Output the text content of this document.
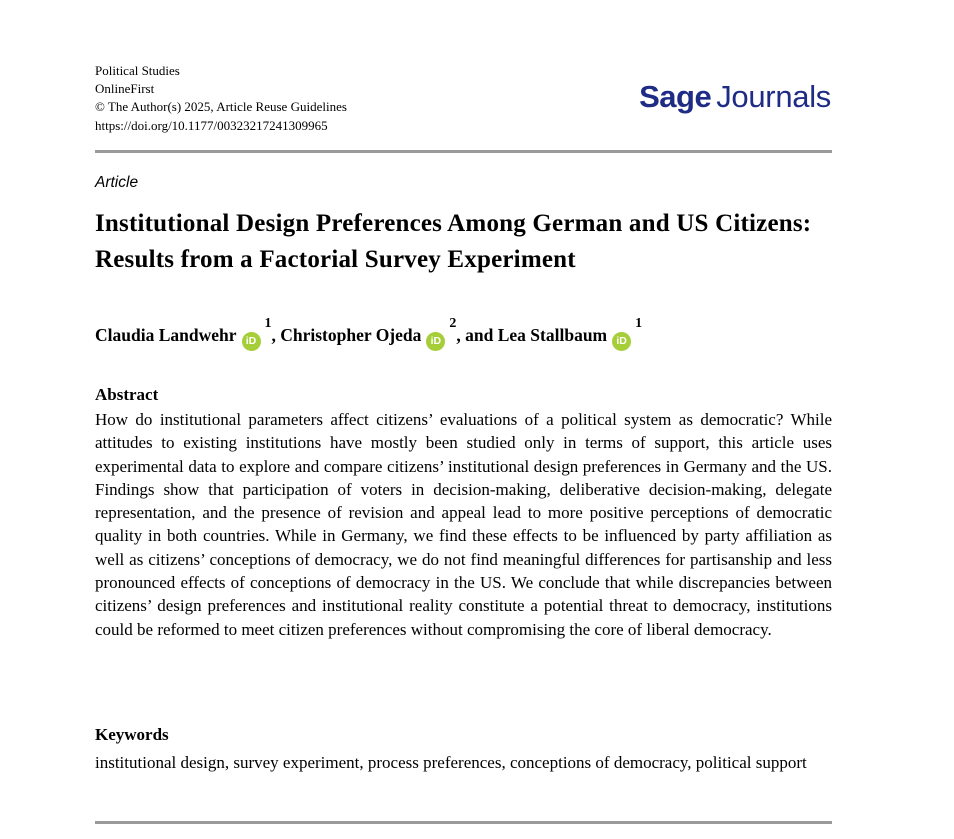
Political Studies
OnlineFirst
© The Author(s) 2025, Article Reuse Guidelines
https://doi.org/10.1177/00323217241309965
Sage Journals
Article
Institutional Design Preferences Among German and US Citizens: Results from a Factorial Survey Experiment
Claudia Landwehr iD$^1$, Christopher Ojeda iD$^2$, and Lea Stallbaum iD$^1$
Abstract

How do institutional parameters affect citizens’ evaluations of a political system as democratic? While attitudes to existing institutions have mostly been studied only in terms of support, this article uses experimental data to explore and compare citizens’ institutional design preferences in Germany and the US. Findings show that participation of voters in decision-making, deliberative decision-making, delegate representation, and the presence of revision and appeal lead to more positive perceptions of democratic quality in both countries. While in Germany, we find these effects to be influenced by party affiliation as well as citizens’ conceptions of democracy, we do not find meaningful differences for partisanship and less pronounced effects of conceptions of democracy in the US. We conclude that while discrepancies between citizens’ design preferences and institutional reality constitute a potential threat to democracy, institutions could be reformed to meet citizen preferences without compromising the core of liberal democracy.

Keywords

institutional design, survey experiment, process preferences, conceptions of democracy, political support
